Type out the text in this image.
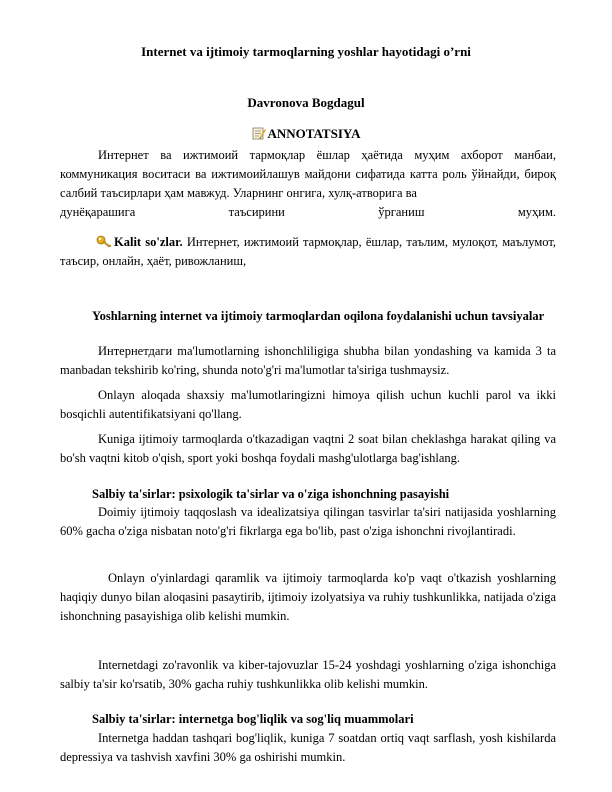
Internet va ijtimoiy tarmoqlarning yoshlar hayotidagi o’rni
Davronova Bogdagul
ANNOTATSIYA

Интернет ва ижтимоий тармоқлар ёшлар ҳаётида муҳим ахборот манбаи, коммуникация воситаси ва ижтимоийлашув майдони сифатида катта роль ўйнайди, бироқ салбий таъсирлари ҳам мавжуд. Уларнинг онгига, хулқ-атворига ва

дунёқарашига таъсирини ўрганиш муҳим.

Kalit so'zlar. Интернет, ижтимоий тармоқлар, ёшлар, таълим, мулоқот, маълумот, таъсир, онлайн, ҳаёт, ривожланиш,

Yoshlarning internet va ijtimoiy tarmoqlardan oqilona foydalanishi uchun tavsiyalar

Интернетдаги ma'lumotlarning ishonchliligiga shubha bilan yondashing va kamida 3 ta manbadan tekshirib ko'ring, shunda noto'g'ri ma'lumotlar ta'siriga tushmaysiz.

Onlayn aloqada shaxsiy ma'lumotlaringizni himoya qilish uchun kuchli parol va ikki bosqichli autentifikatsiyani qo'llang.

Kuniga ijtimoiy tarmoqlarda o'tkazadigan vaqtni 2 soat bilan cheklashga harakat qiling va bo'sh vaqtni kitob o'qish, sport yoki boshqa foydali mashg'ulotlarga bag'ishlang.

Salbiy ta'sirlar: psixologik ta'sirlar va o'ziga ishonchning pasayishi

Doimiy ijtimoiy taqqoslash va idealizatsiya qilingan tasvirlar ta'siri natijasida yoshlarning 60% gacha o'ziga nisbatan noto'g'ri fikrlarga ega bo'lib, past o'ziga ishonchni rivojlantiradi.

Onlayn o'yinlardagi qaramlik va ijtimoiy tarmoqlarda ko'p vaqt o'tkazish yoshlarning haqiqiy dunyo bilan aloqasini pasaytirib, ijtimoiy izolyatsiya va ruhiy tushkunlikka, natijada o'ziga ishonchning pasayishiga olib kelishi mumkin.

Internetdagi zo'ravonlik va kiber-tajovuzlar 15-24 yoshdagi yoshlarning o'ziga ishonchiga salbiy ta'sir ko'rsatib, 30% gacha ruhiy tushkunlikka olib kelishi mumkin.

Salbiy ta'sirlar: internetga bog'liqlik va sog'liq muammolari

Internetga haddan tashqari bog'liqlik, kuniga 7 soatdan ortiq vaqt sarflash, yosh kishilarda depressiya va tashvish xavfini 30% ga oshirishi mumkin.
